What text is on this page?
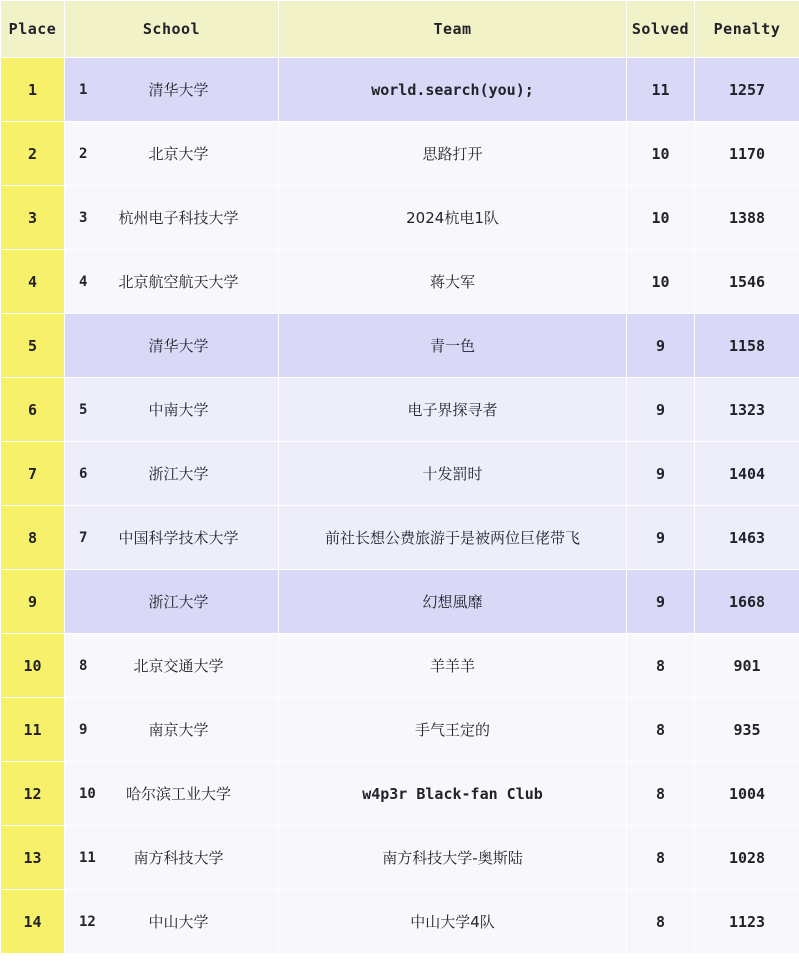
Place	School	Team	Solved	Penalty
1	1 清华大学	world.search(you);	11	1257
2	2 北京大学	思路打开	10	1170
3	3 杭州电子科技大学	2024杭电1队	10	1388
4	4 北京航空航天大学	蒋大军	10	1546
5	清华大学	青一色	9	1158
6	5 中南大学	电子界探寻者	9	1323
7	6 浙江大学	十发罰时	9	1404
8	7 中国科学技术大学	前社长想公费旅游于是被两位巨佬带飞	9	1463
9	浙江大学	幻想風靡	9	1668
10	8 北京交通大学	羊羊羊	8	901
11	9 南京大学	手气王定的	8	935
12	10 哈尔滨工业大学	w4p3r Black-fan Club	8	1004
13	11 南方科技大学	南方科技大学-奥斯陆	8	1028
14	12 中山大学	中山大学4队	8	1123
